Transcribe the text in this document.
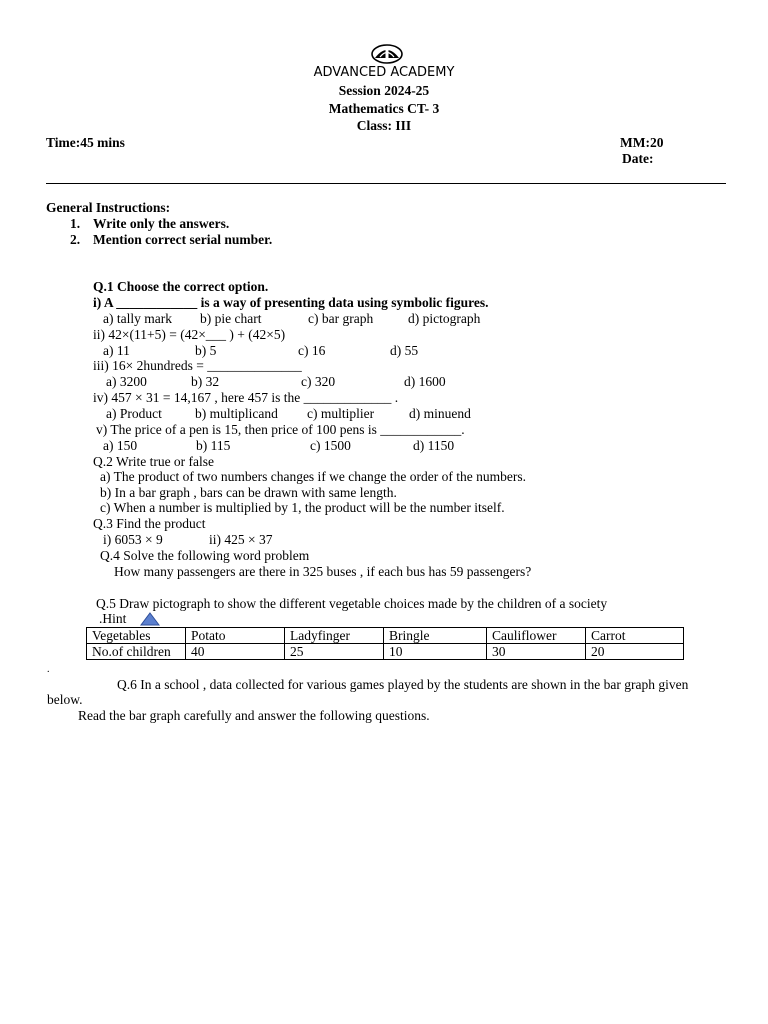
ADVANCED ACADEMY
Session 2024-25
Mathematics CT- 3
Class: III
Time:45 mins	MM:20
Date:
General Instructions:
1. Write only the answers.
2. Mention correct serial number.
Q.1 Choose the correct option.
i) A ____________ is a way of presenting data using symbolic figures.
a) tally mark b) pie chart	c) bar graph	d) pictograph
ii) 42×(11+5) = (42×___ ) + (42×5)
a) 11	b) 5	c) 16	d) 55
iii) 16× 2hundreds = ______________
a) 3200	b) 32	c) 320	d) 1600
iv) 457 × 31 = 14,167 , here 457 is the _____________ .
a) Product b) multiplicand c) multiplier	d) minuend
v) The price of a pen is 15, then price of 100 pens is ____________.
a) 150	b) 115	c) 1500	d) 1150
Q.2 Write true or false
a) The product of two numbers changes if we change the order of the numbers.
b) In a bar graph , bars can be drawn with same length.
c) When a number is multiplied by 1, the product will be the number itself.
Q.3 Find the product
i) 6053 × 9	ii) 425 × 37
Q.4 Solve the following word problem
How many passengers are there in 325 buses , if each bus has 59 passengers?
Q.5 Draw pictograph to show the different vegetable choices made by the children of a society
.Hint
Vegetables	Potato	Ladyfinger	Bringle	Cauliflower	Carrot
No.of children	40	25	10	30	20
.
Q.6 In a school , data collected for various games played by the students are shown in the bar graph given
below.
Read the bar graph carefully and answer the following questions.
